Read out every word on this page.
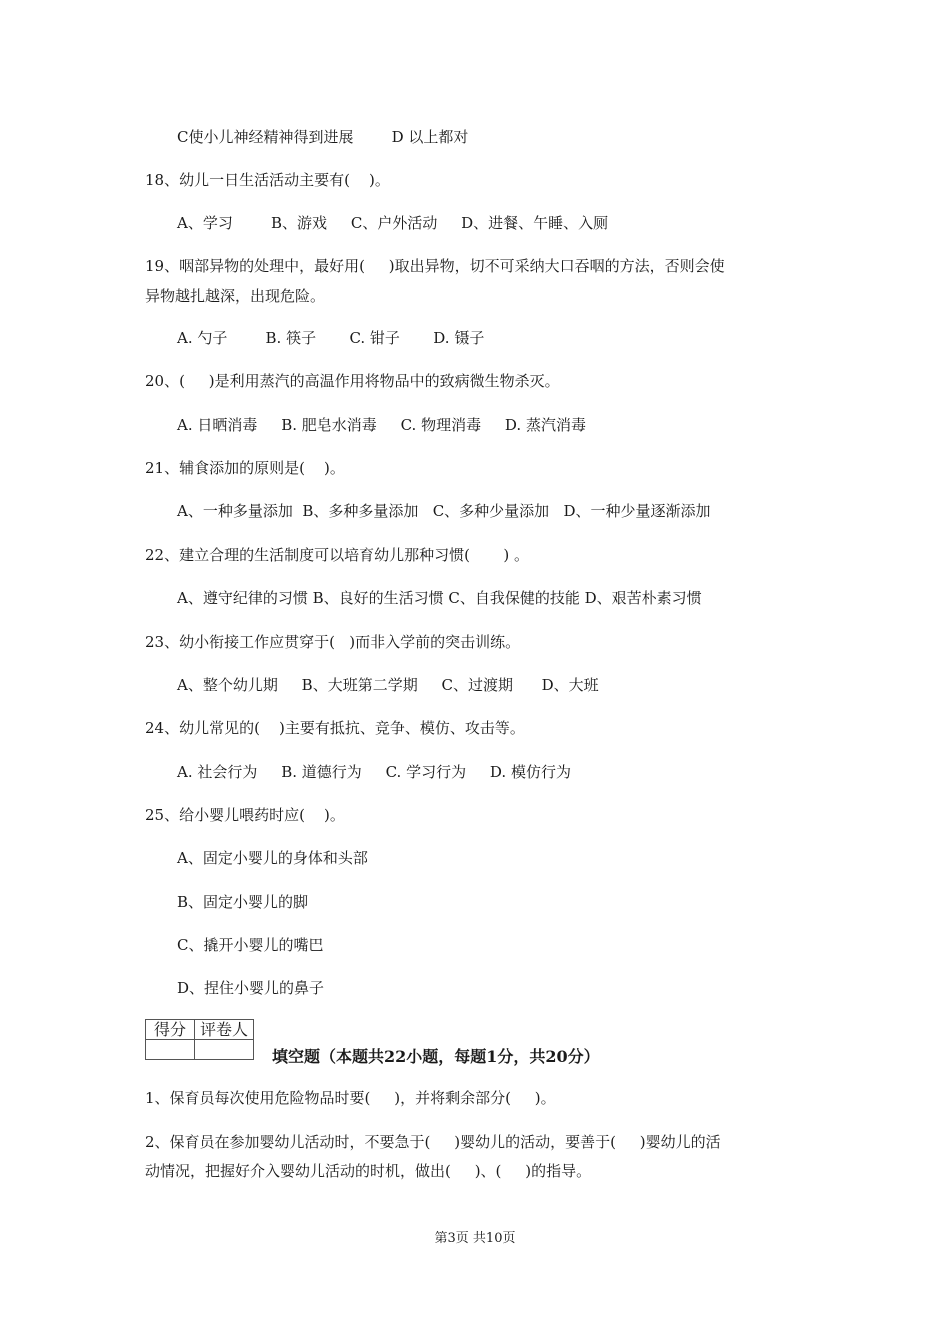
C使小儿神经精神得到进展        D 以上都对
18、幼儿一日生活活动主要有(    )。
A、学习        B、游戏     C、户外活动     D、进餐、午睡、入厕
19、咽部异物的处理中，最好用(     )取出异物，切不可采纳大口吞咽的方法，否则会使
异物越扎越深，出现危险。
A. 勺子        B. 筷子       C. 钳子       D. 镊子
20、(     )是利用蒸汽的高温作用将物品中的致病微生物杀灭。
A. 日晒消毒     B. 肥皂水消毒     C. 物理消毒     D. 蒸汽消毒
21、辅食添加的原则是(    )。
A、一种多量添加  B、多种多量添加   C、多种少量添加   D、一种少量逐渐添加
22、建立合理的生活制度可以培育幼儿那种习惯(       ) 。
A、遵守纪律的习惯 B、良好的生活习惯 C、自我保健的技能 D、艰苦朴素习惯
23、幼小衔接工作应贯穿于(   )而非入学前的突击训练。
A、整个幼儿期     B、大班第二学期     C、过渡期      D、大班
24、幼儿常见的(    )主要有抵抗、竞争、模仿、攻击等。
A. 社会行为     B. 道德行为     C. 学习行为     D. 模仿行为
25、给小婴儿喂药时应(    )。
A、固定小婴儿的身体和头部
B、固定小婴儿的脚
C、撬开小婴儿的嘴巴
D、捏住小婴儿的鼻子
得分	评卷人

填空题（本题共22小题，每题1分，共20分）
1、保育员每次使用危险物品时要(     )，并将剩余部分(     )。
2、保育员在参加婴幼儿活动时，不要急于(     )婴幼儿的活动，要善于(     )婴幼儿的活
动情况，把握好介入婴幼儿活动的时机，做出(     )、(     )的指导。
第3页 共10页
